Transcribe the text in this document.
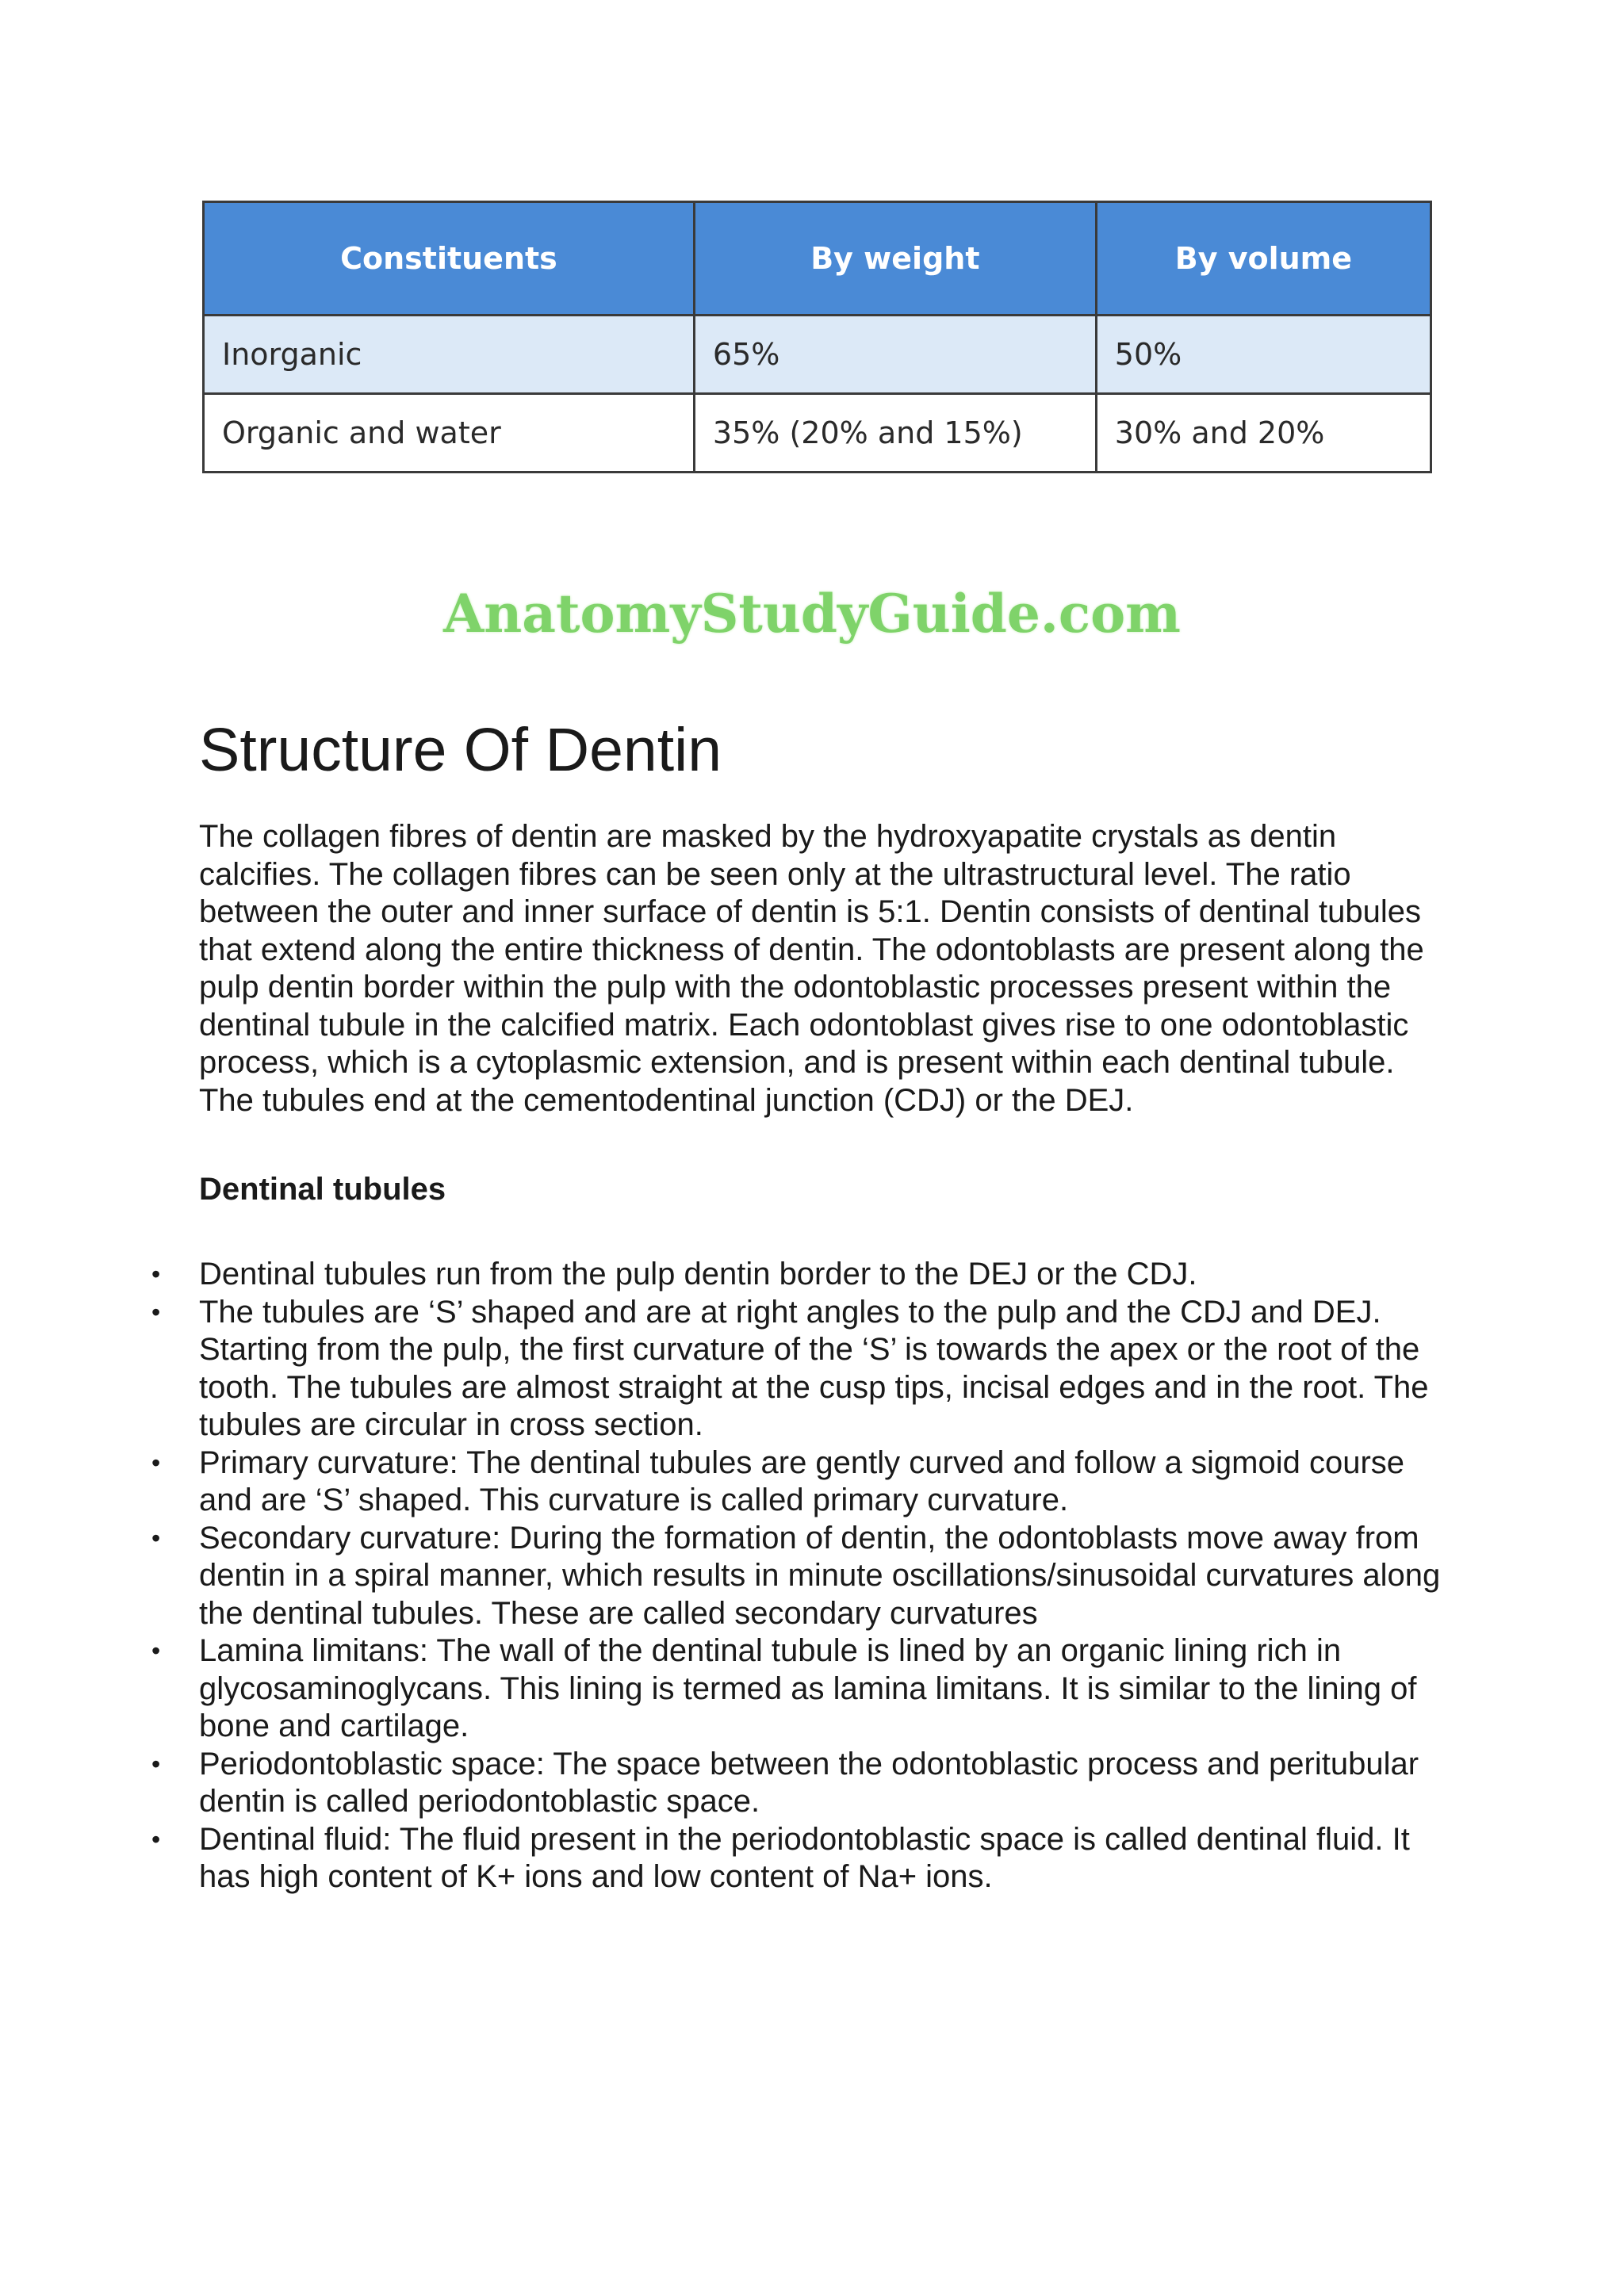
Constituents	By weight	By volume
Inorganic	65%	50%
Organic and water	35% (20% and 15%)	30% and 20%
AnatomyStudyGuide.com
Structure Of Dentin

The collagen fibres of dentin are masked by the hydroxyapatite crystals as dentin calcifies. The collagen fibres can be seen only at the ultrastructural level. The ratio between the outer and inner surface of dentin is 5:1. Dentin consists of dentinal tubules that extend along the entire thickness of dentin. The odontoblasts are present along the pulp dentin border within the pulp with the odontoblastic processes present within the dentinal tubule in the calcified matrix. Each odontoblast gives rise to one odontoblastic process, which is a cytoplasmic extension, and is present within each dentinal tubule. The tubules end at the cementodentinal junction (CDJ) or the DEJ.

Dentinal tubules
• Dentinal tubules run from the pulp dentin border to the DEJ or the CDJ.
• The tubules are ‘S’ shaped and are at right angles to the pulp and the CDJ and DEJ. Starting from the pulp, the first curvature of the ‘S’ is towards the apex or the root of the tooth. The tubules are almost straight at the cusp tips, incisal edges and in the root. The tubules are circular in cross section.
• Primary curvature: The dentinal tubules are gently curved and follow a sigmoid course and are ‘S’ shaped. This curvature is called primary curvature.
• Secondary curvature: During the formation of dentin, the odontoblasts move away from dentin in a spiral manner, which results in minute oscillations/sinusoidal curvatures along the dentinal tubules. These are called secondary curvatures
• Lamina limitans: The wall of the dentinal tubule is lined by an organic lining rich in glycosaminoglycans. This lining is termed as lamina limitans. It is similar to the lining of bone and cartilage.
• Periodontoblastic space: The space between the odontoblastic process and peritubular dentin is called periodontoblastic space.
• Dentinal fluid: The fluid present in the periodontoblastic space is called dentinal fluid. It has high content of K+ ions and low content of Na+ ions.
